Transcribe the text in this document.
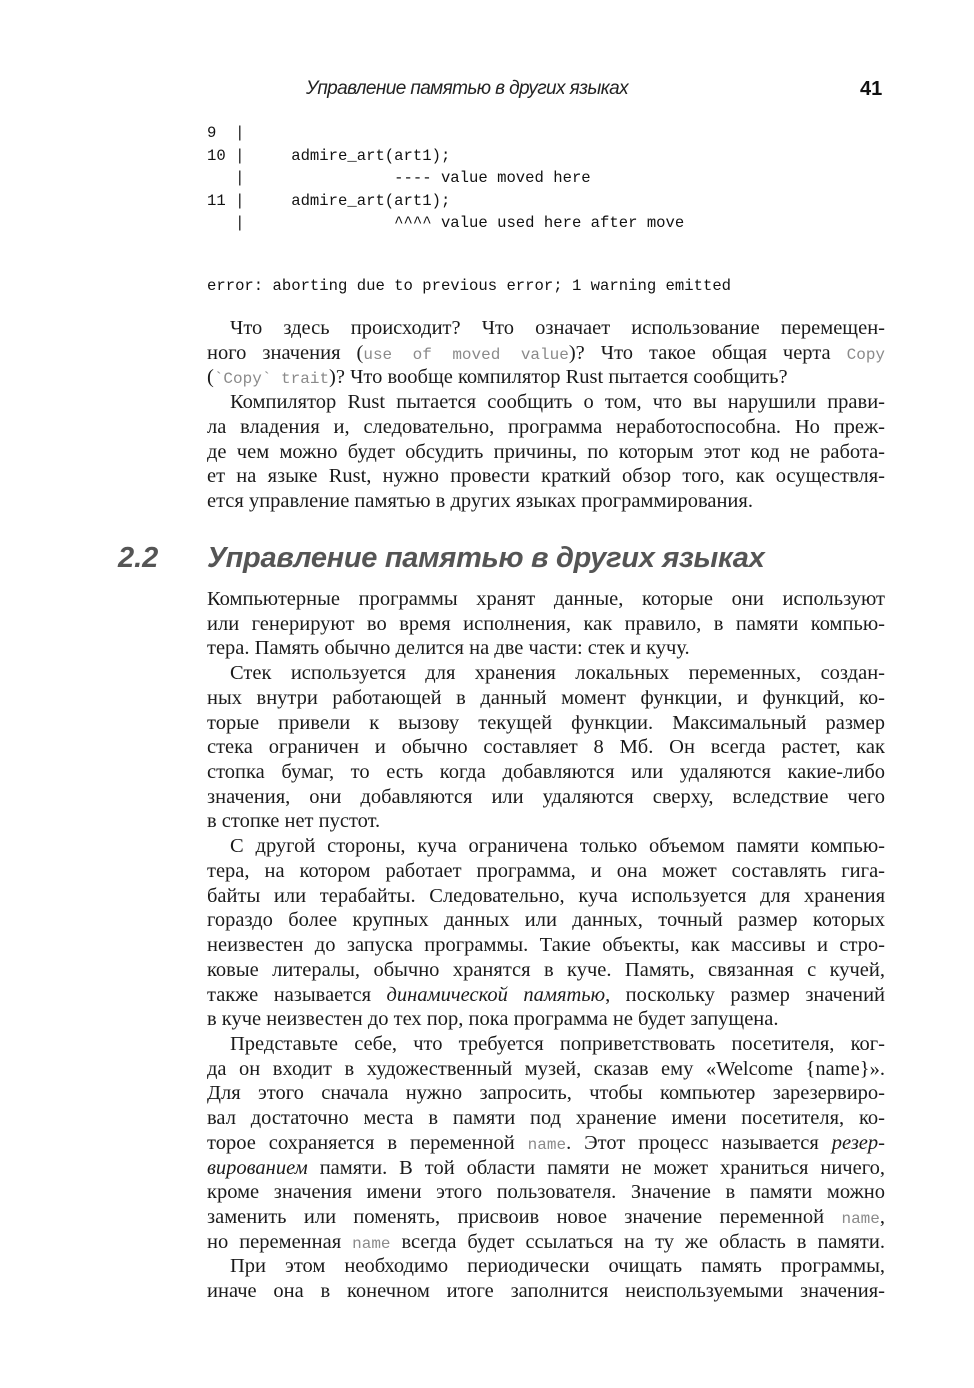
Управление памятью в других языках	41
9  |
10 |     admire_art(art1);
|                ---- value moved here
11 |     admire_art(art1);
|                ^^^^ value used here after move
error: aborting due to previous error; 1 warning emitted
Что здесь происходит? Что означает использование перемещен-
ного значения (use of moved value)? Что такое общая черта Copy
(`Copy` trait)? Что вообще компилятор Rust пытается сообщить?
Компилятор Rust пытается сообщить о том, что вы нарушили прави-
ла владения и, следовательно, программа неработоспособна. Но преж-
де чем можно будет обсудить причины, по которым этот код не работа-
ет на языке Rust, нужно провести краткий обзор того, как осуществля-
ется управление памятью в других языках программирования.
2.2 Управление памятью в других языках
Компьютерные программы хранят данные, которые они используют
или генерируют во время исполнения, как правило, в памяти компью-
тера. Память обычно делится на две части: стек и кучу.
Стек используется для хранения локальных переменных, создан-
ных внутри работающей в данный момент функции, и функций, ко-
торые привели к вызову текущей функции. Максимальный размер
стека ограничен и обычно составляет 8 Мб. Он всегда растет, как
стопка бумаг, то есть когда добавляются или удаляются какие-либо
значения, они добавляются или удаляются сверху, вследствие чего
в стопке нет пустот.
С другой стороны, куча ограничена только объемом памяти компью-
тера, на котором работает программа, и она может составлять гига-
байты или терабайты. Следовательно, куча используется для хранения
гораздо более крупных данных или данных, точный размер которых
неизвестен до запуска программы. Такие объекты, как массивы и стро-
ковые литералы, обычно хранятся в куче. Память, связанная с кучей,
также называется динамической памятью, поскольку размер значений
в куче неизвестен до тех пор, пока программа не будет запущена.
Представьте себе, что требуется поприветствовать посетителя, ког-
да он входит в художественный музей, сказав ему «Welcome {name}».
Для этого сначала нужно запросить, чтобы компьютер зарезервиро-
вал достаточно места в памяти под хранение имени посетителя, ко-
торое сохраняется в переменной name. Этот процесс называется резер-
вированием памяти. В той области памяти не может храниться ничего,
кроме значения имени этого пользователя. Значение в памяти можно
заменить или поменять, присвоив новое значение переменной name,
но переменная name всегда будет ссылаться на ту же область в памяти.
При этом необходимо периодически очищать память программы,
иначе она в конечном итоге заполнится неиспользуемыми значения-
